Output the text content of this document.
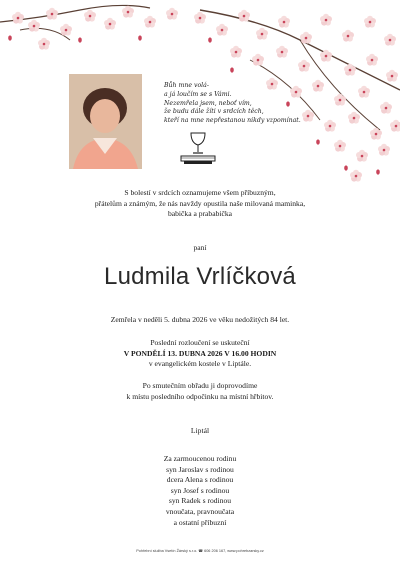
Bůh mne volá-
a já loučím se s Vámi.
Nezemřela jsem, neboť vím,
že budu dále žíti v srdcích těch,
kteří na mne nepřestanou nikdy vzpomínat.
S bolestí v srdcích oznamujeme všem příbuzným,
přátelům a známým, že nás navždy opustila naše milovaná maminka,
babička a prababička
paní
Ludmila Vrlíčková
Zemřela v neděli 5. dubna 2026 ve věku nedožitých 84 let.
Poslední rozloučení se uskuteční
V PONDĚLÍ 13. DUBNA 2026 V 16.00 HODIN
v evangelickém kostele v Liptále.
Po smutečním obřadu ji doprovodíme
k místu posledního odpočinku na místní hřbitov.
Liptál
Za zarmoucenou rodinu
syn Jaroslav s rodinou
dcera Alena s rodinou
syn Josef s rodinou
syn Radek s rodinou
vnoučata, pravnoučata
a ostatní příbuzní
Pohřební služba Vsetín Žárský s.r.o. ☎ 606 206 167, www.pohrebzarsky.cz
